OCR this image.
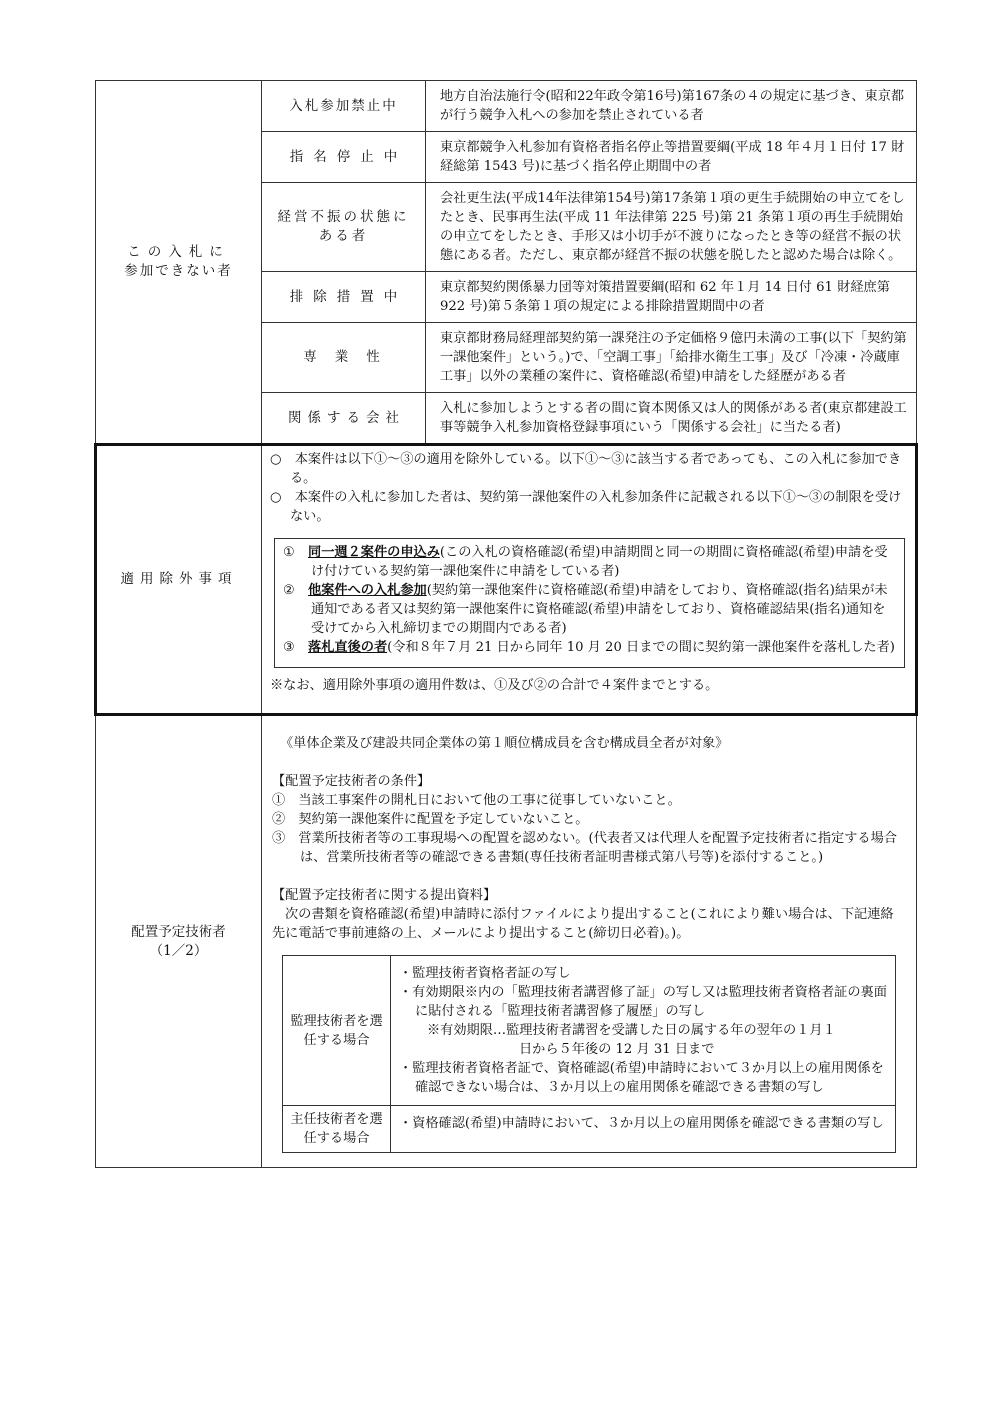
この入札に
参加できない者
入札参加禁止中
地方自治法施行令(昭和22年政令第16号)第167条の４の規定に基づき、東京都が行う競争入札への参加を禁止されている者
指名停止中
東京都競争入札参加有資格者指名停止等措置要綱(平成 18 年４月１日付 17 財経総第 1543 号)に基づく指名停止期間中の者
経営不振の状態にある者
会社更生法(平成14年法律第154号)第17条第１項の更生手続開始の申立てをしたとき、民事再生法(平成 11 年法律第 225 号)第 21 条第１項の再生手続開始の申立てをしたとき、手形又は小切手が不渡りになったとき等の経営不振の状態にある者。ただし、東京都が経営不振の状態を脱したと認めた場合は除く。
排除措置中
東京都契約関係暴力団等対策措置要綱(昭和 62 年１月 14 日付 61 財経庶第 922 号)第５条第１項の規定による排除措置期間中の者
専業性
東京都財務局経理部契約第一課発注の予定価格９億円未満の工事(以下「契約第一課他案件」という。)で、「空調工事」「給排水衛生工事」及び「冷凍・冷蔵庫工事」以外の業種の案件に、資格確認(希望)申請をした経歴がある者
関係する会社
入札に参加しようとする者の間に資本関係又は人的関係がある者(東京都建設工事等競争入札参加資格登録事項にいう「関係する会社」に当たる者)
適用除外事項
○　本案件は以下①～③の適用を除外している。以下①～③に該当する者であっても、この入札に参加できる。
○　本案件の入札に参加した者は、契約第一課他案件の入札参加条件に記載される以下①～③の制限を受けない。
①　 同一週２案件の申込み(この入札の資格確認(希望)申請期間と同一の期間に資格確認(希望)申請を受け付けている契約第一課他案件に申請をしている者)
②　 他案件への入札参加(契約第一課他案件に資格確認(希望)申請をしており、資格確認(指名)結果が未通知である者又は契約第一課他案件に資格確認(希望)申請をしており、資格確認結果(指名)通知を受けてから入札締切までの期間内である者)
③　 落札直後の者(令和８年７月 21 日から同年 10 月 20 日までの間に契約第一課他案件を落札した者)
※なお、適用除外事項の適用件数は、①及び②の合計で４案件までとする。
配置予定技術者
（1／2）

《単体企業及び建設共同企業体の第１順位構成員を含む構成員全者が対象》

【配置予定技術者の条件】

①　 当該工事案件の開札日において他の工事に従事していないこと。
②　 契約第一課他案件に配置を予定していないこと。
③　 営業所技術者等の工事現場への配置を認めない。(代表者又は代理人を配置予定技術者に指定する場合は、営業所技術者等の確認できる書類(専任技術者証明書様式第八号等)を添付すること。)

【配置予定技術者に関する提出資料】

次の書類を資格確認(希望)申請時に添付ファイルにより提出すること(これにより難い場合は、下記連絡先に電話で事前連絡の上、メールにより提出すること(締切日必着)。)。

監理技術者を選任する場合
・監理技術者資格者証の写し
・有効期限※内の「監理技術者講習修了証」の写し又は監理技術者資格者証の裏面に貼付される「監理技術者講習修了履歴」の写し
※有効期限…監理技術者講習を受講した日の属する年の翌年の１月１
日から５年後の 12 月 31 日まで
・監理技術者資格者証で、資格確認(希望)申請時において３か月以上の雇用関係を確認できない場合は、３か月以上の雇用関係を確認できる書類の写し
主任技術者を選任する場合
・資格確認(希望)申請時において、３か月以上の雇用関係を確認できる書類の写し
